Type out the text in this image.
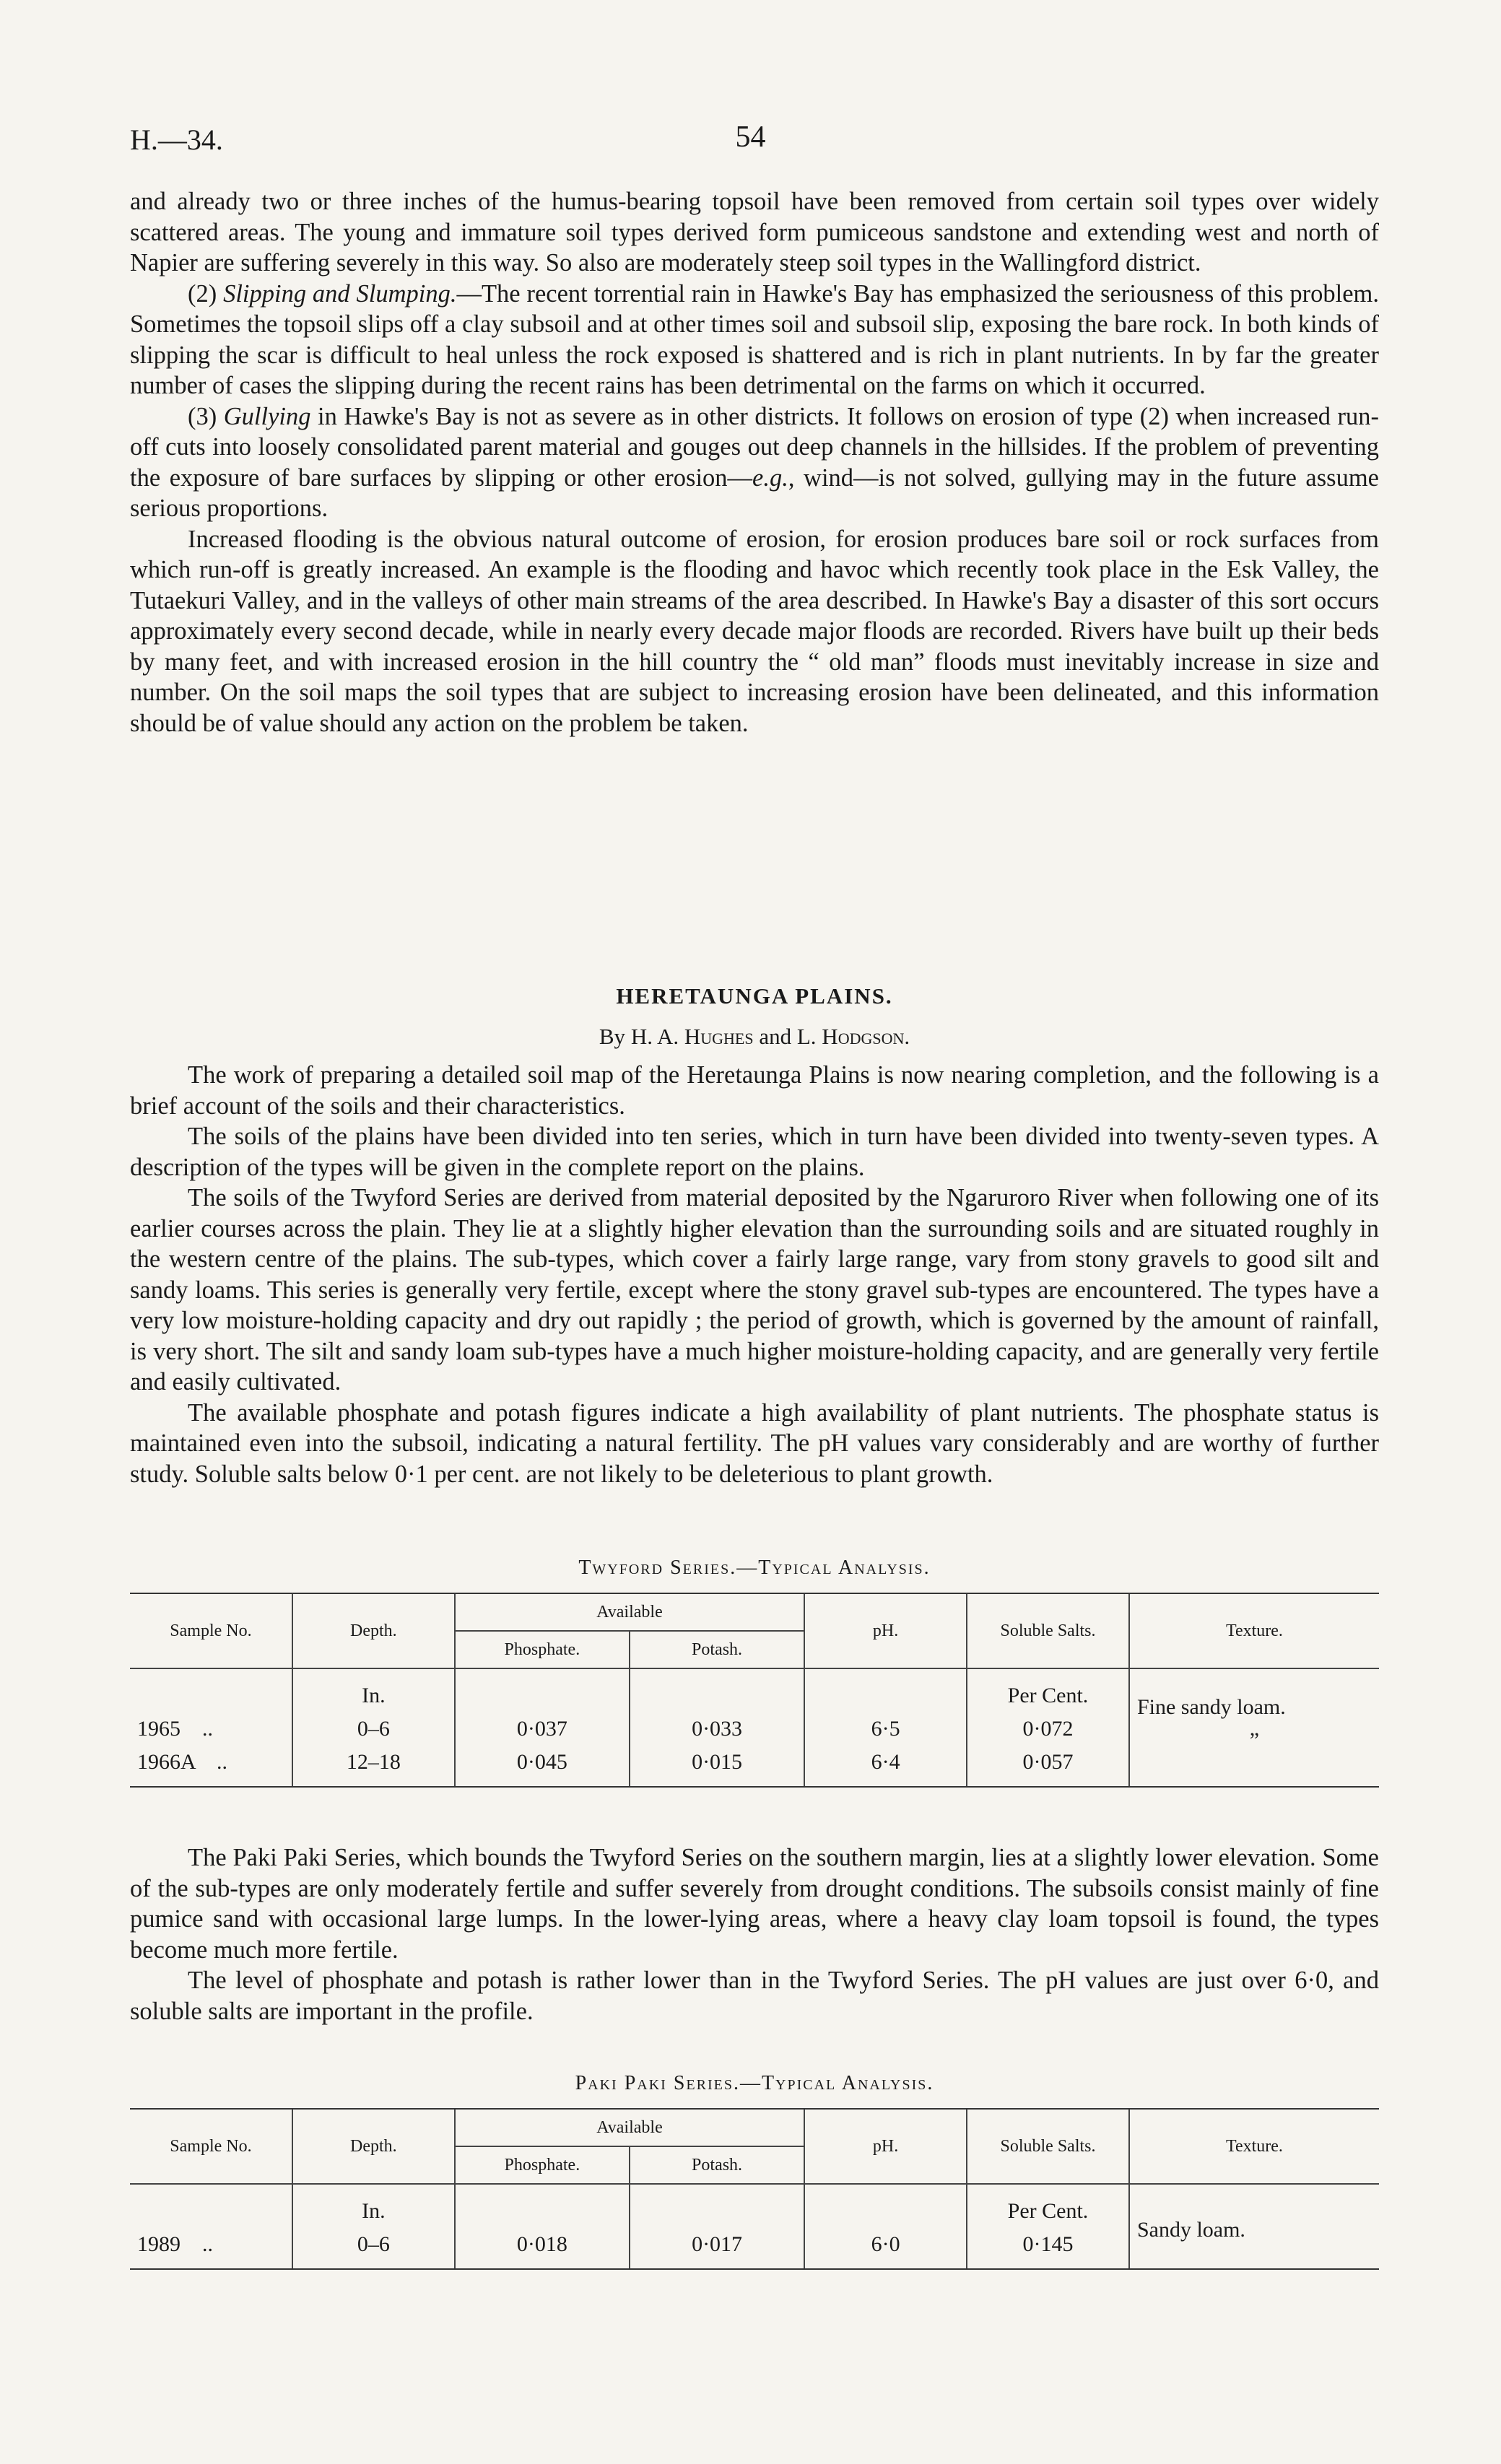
H.—34.	54

and already two or three inches of the humus-bearing topsoil have been removed from certain soil types over widely scattered areas. The young and immature soil types derived form pumiceous sandstone and extending west and north of Napier are suffering severely in this way. So also are moderately steep soil types in the Wallingford district.

(2) Slipping and Slumping.—The recent torrential rain in Hawke's Bay has emphasized the seriousness of this problem. Sometimes the topsoil slips off a clay subsoil and at other times soil and subsoil slip, exposing the bare rock. In both kinds of slipping the scar is difficult to heal unless the rock exposed is shattered and is rich in plant nutrients. In by far the greater number of cases the slipping during the recent rains has been detrimental on the farms on which it occurred.

(3) Gullying in Hawke's Bay is not as severe as in other districts. It follows on erosion of type (2) when increased run-off cuts into loosely consolidated parent material and gouges out deep channels in the hillsides. If the problem of preventing the exposure of bare surfaces by slipping or other erosion—e.g., wind—is not solved, gullying may in the future assume serious proportions.

Increased flooding is the obvious natural outcome of erosion, for erosion produces bare soil or rock surfaces from which run-off is greatly increased. An example is the flooding and havoc which recently took place in the Esk Valley, the Tutaekuri Valley, and in the valleys of other main streams of the area described. In Hawke's Bay a disaster of this sort occurs approximately every second decade, while in nearly every decade major floods are recorded. Rivers have built up their beds by many feet, and with increased erosion in the hill country the “ old man” floods must inevitably increase in size and number. On the soil maps the soil types that are subject to increasing erosion have been delineated, and this information should be of value should any action on the problem be taken.

HERETAUNGA PLAINS.
By H. A. Hughes and L. Hodgson.

The work of preparing a detailed soil map of the Heretaunga Plains is now nearing completion, and the following is a brief account of the soils and their characteristics.

The soils of the plains have been divided into ten series, which in turn have been divided into twenty-seven types. A description of the types will be given in the complete report on the plains.

The soils of the Twyford Series are derived from material deposited by the Ngaruroro River when following one of its earlier courses across the plain. They lie at a slightly higher elevation than the surrounding soils and are situated roughly in the western centre of the plains. The sub-types, which cover a fairly large range, vary from stony gravels to good silt and sandy loams. This series is generally very fertile, except where the stony gravel sub-types are encountered. The types have a very low moisture-holding capacity and dry out rapidly ; the period of growth, which is governed by the amount of rainfall, is very short. The silt and sandy loam sub-types have a much higher moisture-holding capacity, and are generally very fertile and easily cultivated.

The available phosphate and potash figures indicate a high availability of plant nutrients. The phosphate status is maintained even into the subsoil, indicating a natural fertility. The pH values vary considerably and are worthy of further study. Soluble salts below 0·1 per cent. are not likely to be deleterious to plant growth.

Twyford Series.—Typical Analysis.
Sample No.	Depth.	Available		pH.	Soluble Salts.	Texture.
		Phosphate.	Potash.			
	In.				Per Cent.	
1965 ..	0–6	0·037	0·033	6·5	0·072	Fine sandy loam.
1966A ..	12–18	0·045	0·015	6·4	0·057	”

The Paki Paki Series, which bounds the Twyford Series on the southern margin, lies at a slightly lower elevation. Some of the sub-types are only moderately fertile and suffer severely from drought conditions. The subsoils consist mainly of fine pumice sand with occasional large lumps. In the lower-lying areas, where a heavy clay loam topsoil is found, the types become much more fertile.

The level of phosphate and potash is rather lower than in the Twyford Series. The pH values are just over 6·0, and soluble salts are important in the profile.

Paki Paki Series.—Typical Analysis.
Sample No.	Depth.	Available		pH.	Soluble Salts.	Texture.
		Phosphate.	Potash.			
	In.				Per Cent.	
1989 ..	0–6	0·018	0·017	6·0	0·145	Sandy loam.
